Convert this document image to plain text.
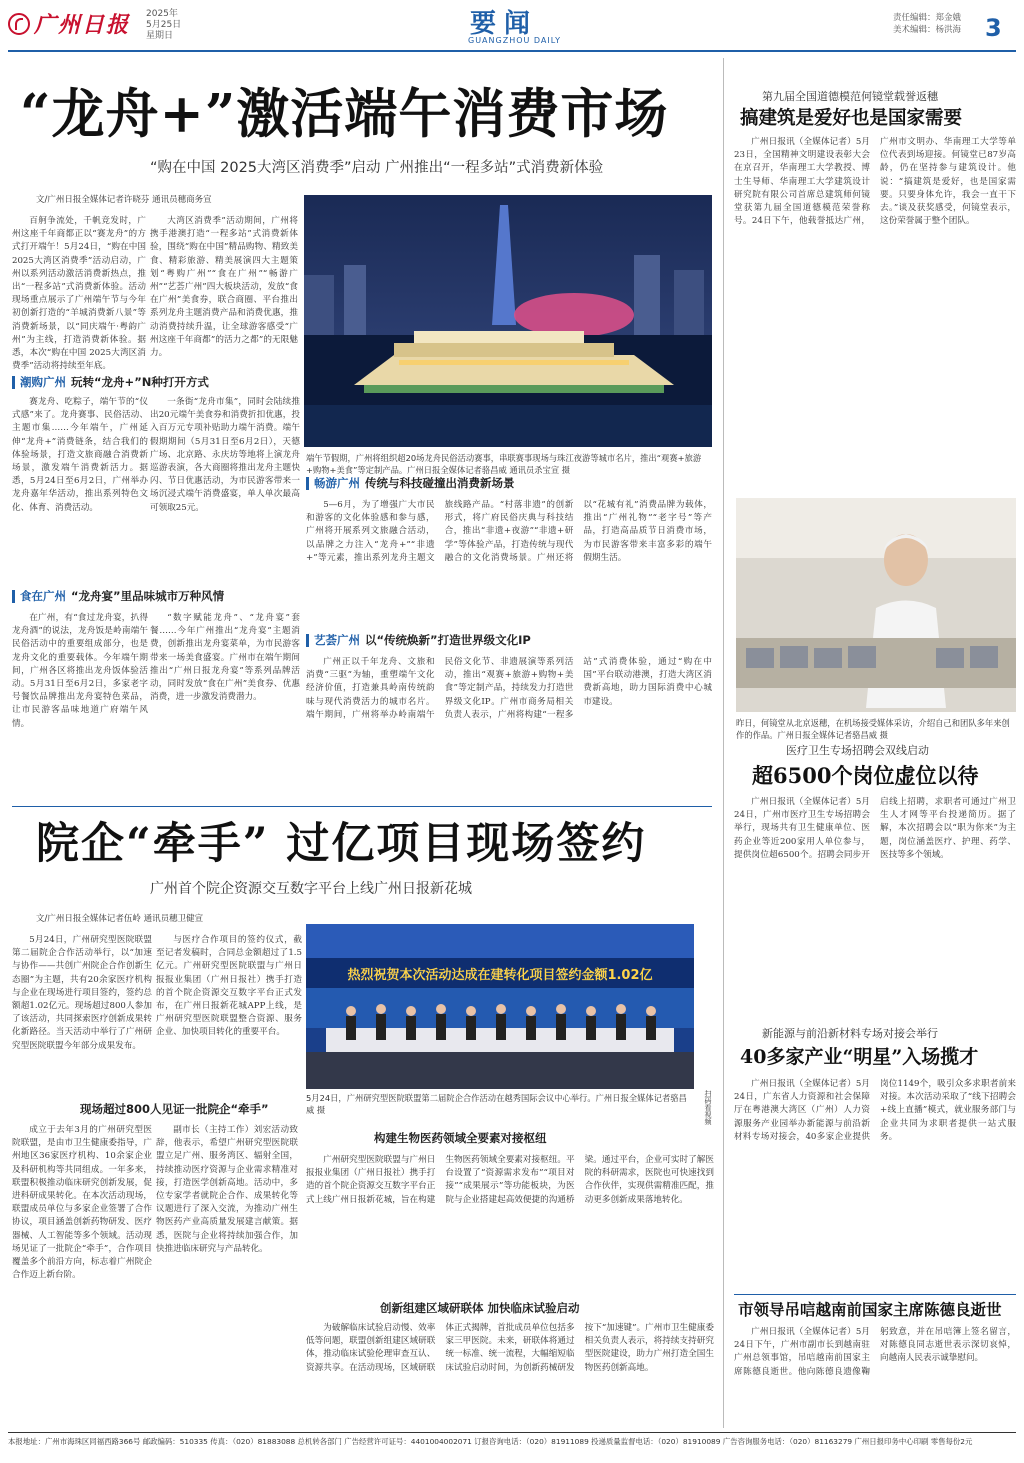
广州日报 2025年
5月25日
星期日	要闻
GUANGZHOU DAILY
责任编辑：郑金娥
美术编辑：杨洪海 3
“龙舟+”激活端午消费市场
“购在中国 2025大湾区消费季”启动 广州推出“一程多站”式消费新体验
文/广州日报全媒体记者许晓芬 通讯员穗商务宣

百舸争流处，千帆竞发时，广州这座千年商都正以“赛龙舟”的方式打开端午！5月24日，“购在中国 2025大湾区消费季”活动启动，广州以系列活动激活消费新热点，推出“一程多站”式消费新体验。活动现场重点展示了广州端午节与今年初创新打造的“羊城消费新八景”等消费新场景，以“同庆端午·粤韵广州”为主线，打造消费新体验。据悉，本次“购在中国 2025大湾区消费季”活动将持续至年底。

大湾区消费季”活动期间，广州将携手港澳打造“一程多站”式消费新体验，围绕“购在中国”精品购物、精致美食、精彩旅游、精美展演四大主题策划“粤购广州”“食在广州”“畅游广州”“艺荟广州”四大板块活动，发放“食在广州”美食券，联合商圈、平台推出系列龙舟主题消费产品和消费优惠，推动消费持续升温，让全球游客感受“广州这座千年商都”的活力之都”的无限魅力。

端午节假期，广州将组织超20场龙舟民俗活动赛事，串联赛事现场与珠江夜游等城市名片，推出“观赛+旅游+购物+美食”等定制产品。广州日报全媒体记者骆昌威 通讯员杀宝宣 摄
潮购广州 玩转“龙舟+”N种打开方式

赛龙舟、吃粽子，端午节的“仪式感”来了。龙舟赛事、民俗活动、主题市集……今年端午，广州延伸“龙舟+”消费链条，结合我们的体验场景，打造文旅商融合消费新场景，激发端午消费新活力。据悉，5月24日至6月2日，广州举办龙舟嘉年华活动，推出系列特色文化、体育、消费活动。

一条街“龙舟市集”，同时会陆续推出20元端午美食券和消费折扣优惠，投入百万元专项补贴助力端午消费。端午假期期间（5月31日至6月2日），天德广场、北京路、永庆坊等地将上演龙舟巡游表演，各大商圈将推出龙舟主题快闪、节日优惠活动，为市民游客带来一场沉浸式端午消费盛宴，单人单次最高可领取25元。

食在广州 “龙舟宴”里品味城市万种风情

在广州，有“食过龙舟宴，扒得龙舟酒”的说法，龙舟饭是岭南端午民俗活动中的重要组成部分，也是龙舟文化的重要载体。今年端午期间，广州各区将推出龙舟饭体验活动。5月31日至6月2日，多家老字号餐饮品牌推出龙舟宴特色菜品，让市民游客品味地道广府端午风情。

“数字赋能龙舟”、“龙舟宴”套餐……今年广州推出“龙舟宴”主题消费，创新推出龙舟宴菜单，为市民游客带来一场美食盛宴。广州市在端午期间推出“广州日报龙舟宴”等系列品牌活动，同时发放“食在广州”美食券、优惠消费，进一步激发消费潜力。

畅游广州 传统与科技碰撞出消费新场景

5—6月，为了增强广大市民和游客的文化体验感和参与感，广州将开展系列文旅融合活动，以品牌之力注入“龙舟+”“非遗+”等元素，推出系列龙舟主题文旅线路产品。“村落非遗”的创新形式，将广府民俗庆典与科技结合，推出“非遗+夜游”“非遗+研学”等体验产品，打造传统与现代融合的文化消费场景。广州还将以“花城有礼”消费品牌为载体，推出“广州礼物”“老字号”等产品，打造高品质节日消费市场，为市民游客带来丰富多彩的端午假期生活。

艺荟广州 以“传统焕新”打造世界级文化IP

广州正以千年龙舟、文旅和消费“三驱”为轴，重塑端午文化经济价值，打造兼具岭南传统韵味与现代消费活力的城市名片。端午期间，广州将举办岭南端午民俗文化节、非遗展演等系列活动，推出“观赛+旅游+购物+美食”等定制产品，持续发力打造世界级文化IP。广州市商务局相关负责人表示，广州将构建“一程多站”式消费体验，通过“购在中国”平台联动港澳，打造大湾区消费新高地，助力国际消费中心城市建设。

院企“牵手” 过亿项目现场签约
广州首个院企资源交互数字平台上线广州日报新花城
文/广州日报全媒体记者伍岭 通讯员穗卫健宣

5月24日，广州研究型医院联盟第二届院企合作活动举行，以“加速与协作——共创广州院企合作创新生态圈”为主题，共有20余家医疗机构与企业在现场进行项目签约，签约总额超1.02亿元。现场超过800人参加了该活动，共同探索医疗创新成果转化新路径。当天活动中举行了广州研究型医院联盟今年部分成果发布。

与医疗合作项目的签约仪式，截至记者发稿时，合同总金额超过了1.5亿元。广州研究型医院联盟与广州日报报业集团（广州日报社）携手打造的首个院企资源交互数字平台正式发布，在广州日报新花城APP上线，是广州研究型医院联盟整合资源、服务企业、加快项目转化的重要平台。

热烈祝贺本次活动达成在建转化项目签约金额1.02亿
5月24日，广州研究型医院联盟第二届院企合作活动在越秀国际会议中心举行。广州日报全媒体记者骆昌威 摄	扫码看视频
现场超过800人见证一批院企“牵手”

成立于去年3月的广州研究型医院联盟，是由市卫生健康委指导，广州地区36家医疗机构、10余家企业及科研机构等共同组成。一年多来，联盟积极推动临床研究创新发展，促进科研成果转化。在本次活动现场，联盟成员单位与多家企业签署了合作协议，项目涵盖创新药物研发、医疗器械、人工智能等多个领域。活动现场见证了一批院企“牵手”，合作项目覆盖多个前沿方向，标志着广州院企合作迈上新台阶。

副市长（主持工作）刘宏活动致辞，他表示，希望广州研究型医院联盟立足广州、服务湾区、辐射全国，持续推动医疗资源与企业需求精准对接，打造医学创新高地。活动中，多位专家学者就院企合作、成果转化等议题进行了深入交流，为推动广州生物医药产业高质量发展建言献策。据悉，医院与企业将持续加强合作，加快推进临床研究与产品转化。

构建生物医药领域全要素对接枢纽

广州研究型医院联盟与广州日报报业集团（广州日报社）携手打造的首个院企资源交互数字平台正式上线广州日报新花城，旨在构建生物医药领域全要素对接枢纽。平台设置了“资源需求发布”“项目对接”“成果展示”等功能板块，为医院与企业搭建起高效便捷的沟通桥梁。通过平台，企业可实时了解医院的科研需求，医院也可快速找到合作伙伴，实现供需精准匹配，推动更多创新成果落地转化。

创新组建区域研联体 加快临床试验启动

为破解临床试验启动慢、效率低等问题，联盟创新组建区域研联体，推动临床试验伦理审查互认、资源共享。在活动现场，区域研联体正式揭牌，首批成员单位包括多家三甲医院。未来，研联体将通过统一标准、统一流程，大幅缩短临床试验启动时间，为创新药械研发按下“加速键”。广州市卫生健康委相关负责人表示，将持续支持研究型医院建设，助力广州打造全国生物医药创新高地。

第九届全国道德模范何镜堂载誉返穗
搞建筑是爱好也是国家需要

广州日报讯（全媒体记者）5月23日，全国精神文明建设表彰大会在京召开，华南理工大学教授、博士生导师、华南理工大学建筑设计研究院有限公司首席总建筑师何镜堂获第九届全国道德模范荣誉称号。24日下午，他载誉抵达广州，广州市文明办、华南理工大学等单位代表到场迎接。何镜堂已87岁高龄，仍在坚持参与建筑设计。他说：“搞建筑是爱好，也是国家需要。只要身体允许，我会一直干下去。”谈及获奖感受，何镜堂表示，这份荣誉属于整个团队。

昨日，何镜堂从北京返穗，在机场接受媒体采访，介绍自己和团队多年来创作的作品。广州日报全媒体记者骆昌威 摄
医疗卫生专场招聘会双线启动
超6500个岗位虚位以待

广州日报讯（全媒体记者）5月24日，广州市医疗卫生专场招聘会举行，现场共有卫生健康单位、医药企业等近200家用人单位参与，提供岗位超6500个。招聘会同步开启线上招聘，求职者可通过广州卫生人才网等平台投递简历。据了解，本次招聘会以“职为你来”为主题，岗位涵盖医疗、护理、药学、医技等多个领域。

新能源与前沿新材料专场对接会举行
40多家产业“明星”入场揽才

广州日报讯（全媒体记者）5月24日，广东省人力资源和社会保障厅在粤港澳大湾区（广州）人力资源服务产业园举办新能源与前沿新材料专场对接会，40多家企业提供岗位1149个，吸引众多求职者前来对接。本次活动采取了“线下招聘会+线上直播”模式，就业服务部门与企业共同为求职者提供一站式服务。

市领导吊唁越南前国家主席陈德良逝世

广州日报讯（全媒体记者）5月24日下午，广州市副市长到越南驻广州总领事馆，吊唁越南前国家主席陈德良逝世。他向陈德良遗像鞠躬致意，并在吊唁簿上签名留言，对陈德良同志逝世表示深切哀悼，向越南人民表示诚挚慰问。

本报地址：广州市海珠区同福西路366号 邮政编码：510335 传真：（020）81883088 总机转各部门 广告经营许可证号：4401004002071 订报咨询电话：（020）81911089 投递质量监督电话：（020）81910089 广告咨询服务电话：（020）81163279 广州日报印务中心印刷 零售每份2元
